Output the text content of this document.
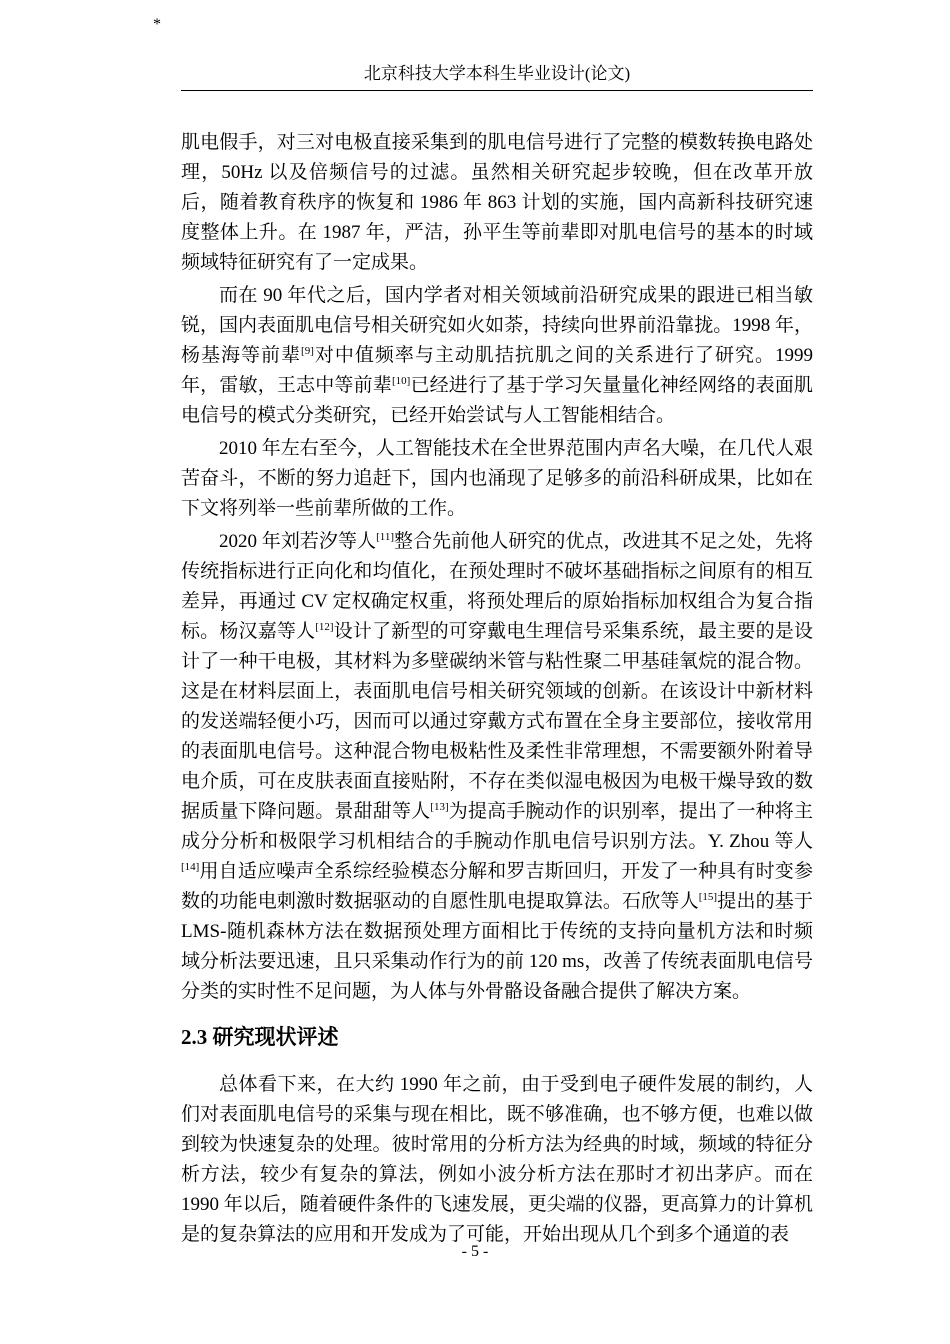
*
北京科技大学本科生毕业设计(论文)

肌电假手，对三对电极直接采集到的肌电信号进行了完整的模数转换电路处理，50Hz 以及倍频信号的过滤。虽然相关研究起步较晚，但在改革开放后，随着教育秩序的恢复和 1986 年 863 计划的实施，国内高新科技研究速度整体上升。在 1987 年，严洁，孙平生等前辈即对肌电信号的基本的时域频域特征研究有了一定成果。

而在 90 年代之后，国内学者对相关领域前沿研究成果的跟进已相当敏锐，国内表面肌电信号相关研究如火如荼，持续向世界前沿靠拢。1998 年，杨基海等前辈[9]对中值频率与主动肌拮抗肌之间的关系进行了研究。1999 年，雷敏，王志中等前辈[10]已经进行了基于学习矢量量化神经网络的表面肌电信号的模式分类研究，已经开始尝试与人工智能相结合。

2010 年左右至今，人工智能技术在全世界范围内声名大噪，在几代人艰苦奋斗，不断的努力追赶下，国内也涌现了足够多的前沿科研成果，比如在下文将列举一些前辈所做的工作。

2020 年刘若汐等人[11]整合先前他人研究的优点，改进其不足之处，先将传统指标进行正向化和均值化，在预处理时不破坏基础指标之间原有的相互差异，再通过 CV 定权确定权重，将预处理后的原始指标加权组合为复合指标。杨汉嘉等人[12]设计了新型的可穿戴电生理信号采集系统，最主要的是设计了一种干电极，其材料为多壁碳纳米管与粘性聚二甲基硅氧烷的混合物。这是在材料层面上，表面肌电信号相关研究领域的创新。在该设计中新材料的发送端轻便小巧，因而可以通过穿戴方式布置在全身主要部位，接收常用的表面肌电信号。这种混合物电极粘性及柔性非常理想，不需要额外附着导电介质，可在皮肤表面直接贴附，不存在类似湿电极因为电极干燥导致的数据质量下降问题。景甜甜等人[13]为提高手腕动作的识别率，提出了一种将主成分分析和极限学习机相结合的手腕动作肌电信号识别方法。Y. Zhou 等人[14]用自适应噪声全系综经验模态分解和罗吉斯回归，开发了一种具有时变参数的功能电刺激时数据驱动的自愿性肌电提取算法。石欣等人[15]提出的基于 LMS-随机森林方法在数据预处理方面相比于传统的支持向量机方法和时频域分析法要迅速，且只采集动作行为的前 120 ms，改善了传统表面肌电信号分类的实时性不足问题，为人体与外骨骼设备融合提供了解决方案。

2.3 研究现状评述

总体看下来，在大约 1990 年之前，由于受到电子硬件发展的制约，人们对表面肌电信号的采集与现在相比，既不够准确，也不够方便，也难以做到较为快速复杂的处理。彼时常用的分析方法为经典的时域，频域的特征分析方法，较少有复杂的算法，例如小波分析方法在那时才初出茅庐。而在 1990 年以后，随着硬件条件的飞速发展，更尖端的仪器，更高算力的计算机是的复杂算法的应用和开发成为了可能，开始出现从几个到多个通道的表

- 5 -
